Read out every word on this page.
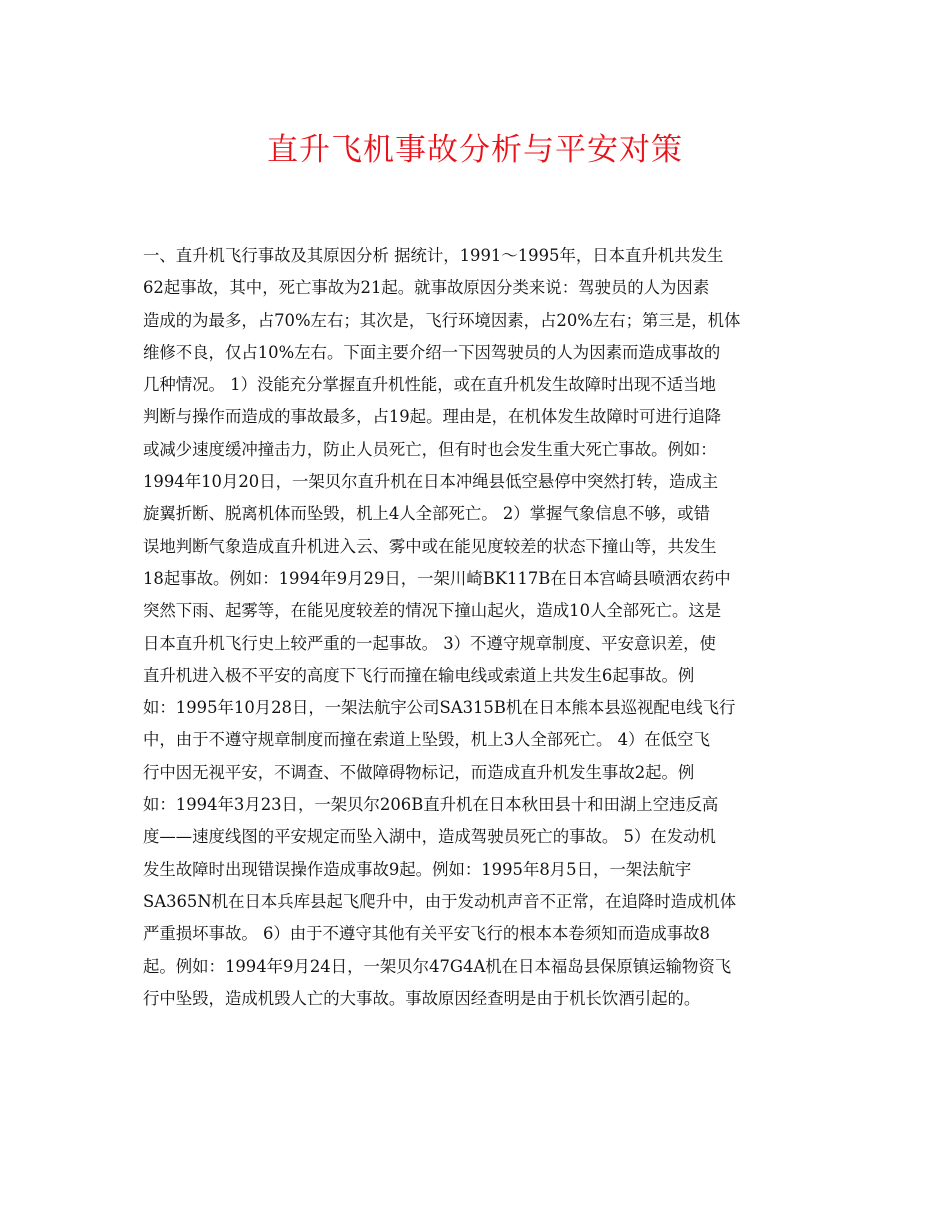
直升飞机事故分析与平安对策
一、直升机飞行事故及其原因分析 据统计，1991～1995年，日本直升机共发生
62起事故，其中，死亡事故为21起。就事故原因分类来说：驾驶员的人为因素
造成的为最多，占70%左右；其次是，飞行环境因素，占20%左右；第三是，机体
维修不良，仅占10%左右。下面主要介绍一下因驾驶员的人为因素而造成事故的
几种情况。 1）没能充分掌握直升机性能，或在直升机发生故障时出现不适当地
判断与操作而造成的事故最多，占19起。理由是，在机体发生故障时可进行追降
或减少速度缓冲撞击力，防止人员死亡，但有时也会发生重大死亡事故。例如：
1994年10月20日，一架贝尔直升机在日本冲绳县低空悬停中突然打转，造成主
旋翼折断、脱离机体而坠毁，机上4人全部死亡。 2）掌握气象信息不够，或错
误地判断气象造成直升机进入云、雾中或在能见度较差的状态下撞山等，共发生
18起事故。例如：1994年9月29日，一架川崎BK117B在日本宫崎县喷洒农药中
突然下雨、起雾等，在能见度较差的情况下撞山起火，造成10人全部死亡。这是
日本直升机飞行史上较严重的一起事故。 3）不遵守规章制度、平安意识差，使
直升机进入极不平安的高度下飞行而撞在输电线或索道上共发生6起事故。例
如：1995年10月28日，一架法航宇公司SA315B机在日本熊本县巡视配电线飞行
中，由于不遵守规章制度而撞在索道上坠毁，机上3人全部死亡。 4）在低空飞
行中因无视平安，不调查、不做障碍物标记，而造成直升机发生事故2起。例
如：1994年3月23日，一架贝尔206B直升机在日本秋田县十和田湖上空违反高
度——速度线图的平安规定而坠入湖中，造成驾驶员死亡的事故。 5）在发动机
发生故障时出现错误操作造成事故9起。例如：1995年8月5日，一架法航宇
SA365N机在日本兵库县起飞爬升中，由于发动机声音不正常，在追降时造成机体
严重损坏事故。 6）由于不遵守其他有关平安飞行的根本本卷须知而造成事故8
起。例如：1994年9月24日，一架贝尔47G4A机在日本福岛县保原镇运输物资飞
行中坠毁，造成机毁人亡的大事故。事故原因经查明是由于机长饮酒引起的。
